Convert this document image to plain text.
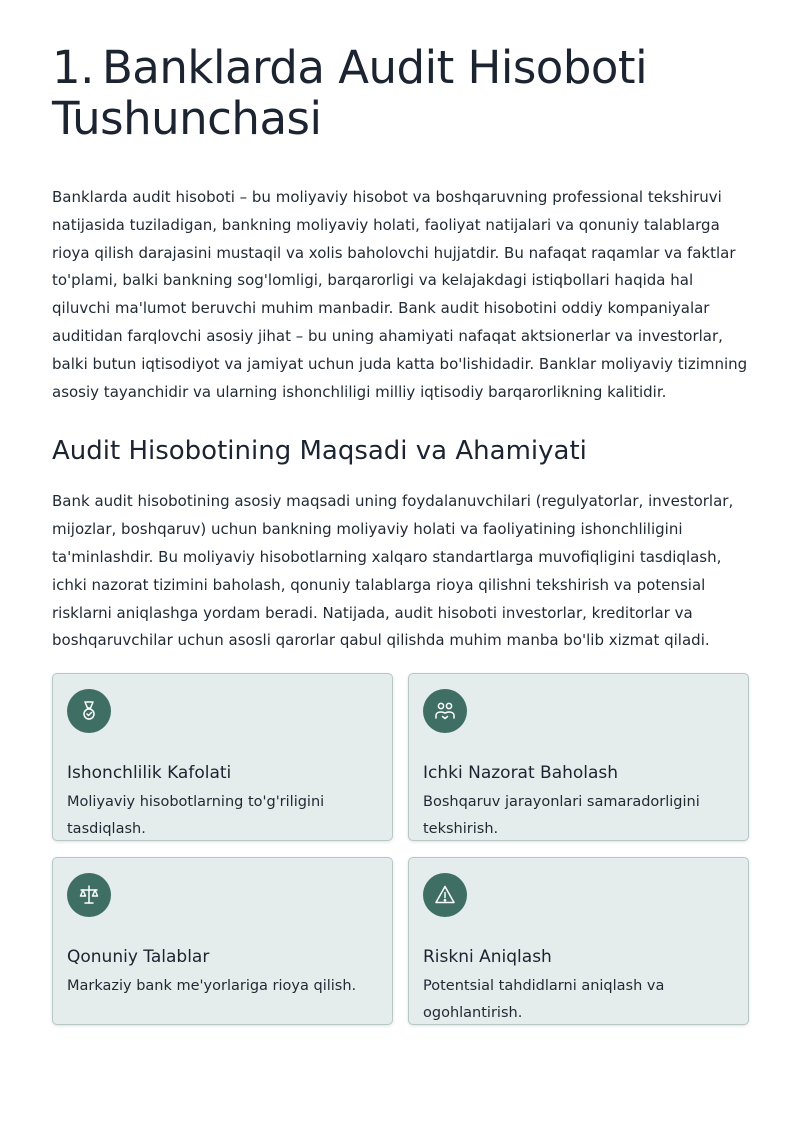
1. Banklarda Audit Hisoboti
Tushunchasi

Banklarda audit hisoboti – bu moliyaviy hisobot va boshqaruvning professional tekshiruvi natijasida tuziladigan, bankning moliyaviy holati, faoliyat natijalari va qonuniy talablarga rioya qilish darajasini mustaqil va xolis baholovchi hujjatdir. Bu nafaqat raqamlar va faktlar to'plami, balki bankning sog'lomligi, barqarorligi va kelajakdagi istiqbollari haqida hal qiluvchi ma'lumot beruvchi muhim manbadir. Bank audit hisobotini oddiy kompaniyalar auditidan farqlovchi asosiy jihat – bu uning ahamiyati nafaqat aktsionerlar va investorlar, balki butun iqtisodiyot va jamiyat uchun juda katta bo'lishidadir. Banklar moliyaviy tizimning asosiy tayanchidir va ularning ishonchliligi milliy iqtisodiy barqarorlikning kalitidir.

Audit Hisobotining Maqsadi va Ahamiyati

Bank audit hisobotining asosiy maqsadi uning foydalanuvchilari (regulyatorlar, investorlar, mijozlar, boshqaruv) uchun bankning moliyaviy holati va faoliyatining ishonchliligini ta'minlashdir. Bu moliyaviy hisobotlarning xalqaro standartlarga muvofiqligini tasdiqlash, ichki nazorat tizimini baholash, qonuniy talablarga rioya qilishni tekshirish va potensial risklarni aniqlashga yordam beradi. Natijada, audit hisoboti investorlar, kreditorlar va boshqaruvchilar uchun asosli qarorlar qabul qilishda muhim manba bo'lib xizmat qiladi.

Ishonchlilik Kafolati

Moliyaviy hisobotlarning to'g'riligini tasdiqlash.

Ichki Nazorat Baholash

Boshqaruv jarayonlari samaradorligini tekshirish.

Qonuniy Talablar

Markaziy bank me'yorlariga rioya qilish.

Riskni Aniqlash

Potentsial tahdidlarni aniqlash va ogohlantirish.
